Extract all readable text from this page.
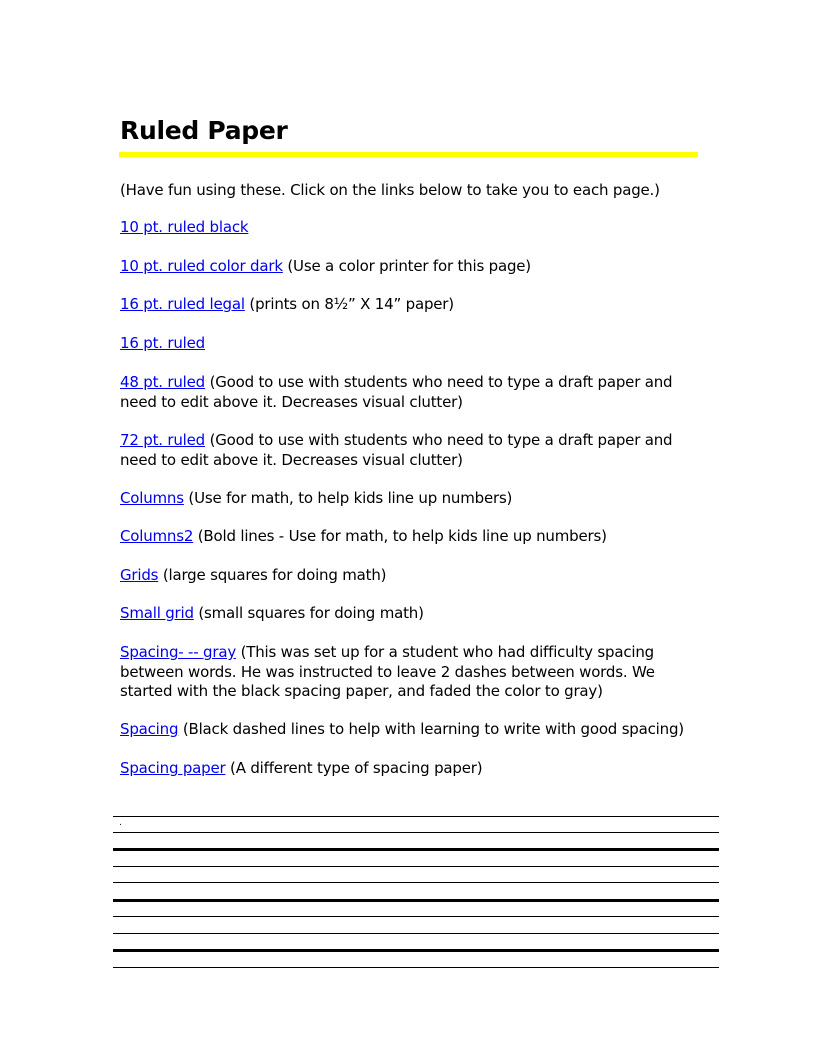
Ruled Paper

(Have fun using these. Click on the links below to take you to each page.)

10 pt. ruled black

10 pt. ruled color dark (Use a color printer for this page)

16 pt. ruled legal (prints on 8½” X 14” paper)

16 pt. ruled

48 pt. ruled (Good to use with students who need to type a draft paper and need to edit above it. Decreases visual clutter)

72 pt. ruled (Good to use with students who need to type a draft paper and need to edit above it. Decreases visual clutter)

Columns (Use for math, to help kids line up numbers)

Columns2 (Bold lines - Use for math, to help kids line up numbers)

Grids (large squares for doing math)

Small grid (small squares for doing math)

Spacing- -- gray (This was set up for a student who had difficulty spacing between words. He was instructed to leave 2 dashes between words. We started with the black spacing paper, and faded the color to gray)

Spacing (Black dashed lines to help with learning to write with good spacing)

Spacing paper (A different type of spacing paper)

.
